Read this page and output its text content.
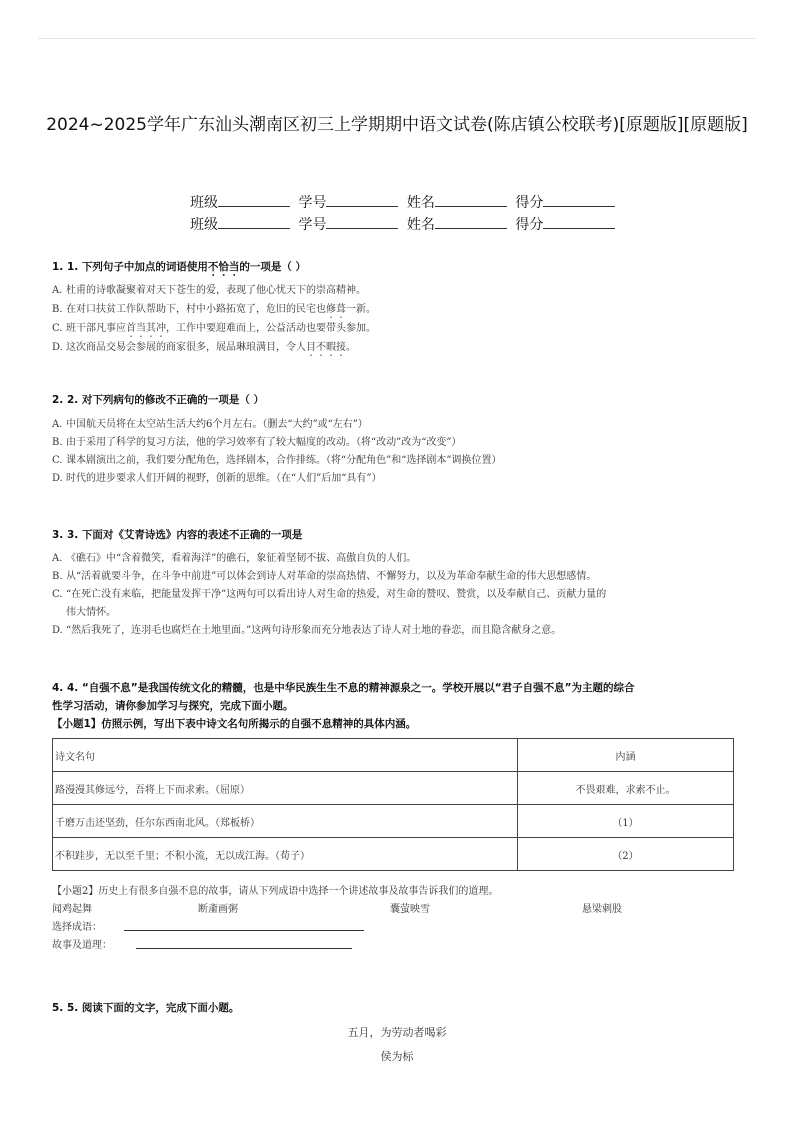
2024~2025学年广东汕头潮南区初三上学期期中语文试卷(陈店镇公校联考)[原题版][原题版]
班级	学号	姓名	得分
班级	学号	姓名	得分
1. 1. 下列句子中加点的词语使用不恰当的一项是（ ）
A. 杜甫的诗歌凝聚着对天下苍生的爱，表现了他心忧天下的崇高精神。
B. 在对口扶贫工作队帮助下，村中小路拓宽了，危旧的民宅也修葺一新。
C. 班干部凡事应首当其冲，工作中要迎难而上，公益活动也要带头参加。
D. 这次商品交易会参展的商家很多，展品琳琅满目，令人目不暇接。
2. 2. 对下列病句的修改不正确的一项是（ ）
A. 中国航天员将在太空站生活大约6个月左右。（删去“大约”或“左右”）
B. 由于采用了科学的复习方法，他的学习效率有了较大幅度的改动。（将“改动”改为“改变”）
C. 课本剧演出之前，我们要分配角色，选择剧本，合作排练。（将“分配角色”和“选择剧本”调换位置）
D. 时代的进步要求人们开阔的视野，创新的思维。（在“人们”后加“具有”）
3. 3. 下面对《艾青诗选》内容的表述不正确的一项是
A. 《礁石》中“含着微笑，看着海洋”的礁石，象征着坚韧不拔、高傲自负的人们。
B. 从“活着就要斗争，在斗争中前进”可以体会到诗人对革命的崇高热情、不懈努力，以及为革命奉献生命的伟大思想感情。
C. “在死亡没有来临，把能量发挥干净”这两句可以看出诗人对生命的热爱，对生命的赞叹、赞赏，以及奉献自己、贡献力量的
伟大情怀。
D. “然后我死了，连羽毛也腐烂在土地里面。”这两句诗形象而充分地表达了诗人对土地的眷恋，而且隐含献身之意。
4. 4. “自强不息”是我国传统文化的精髓，也是中华民族生生不息的精神源泉之一。学校开展以“君子自强不息”为主题的综合
性学习活动，请你参加学习与探究，完成下面小题。
【小题1】仿照示例，写出下表中诗文名句所揭示的自强不息精神的具体内涵。
诗文名句	内涵
路漫漫其修远兮，吾将上下而求索。（屈原）	不畏艰难，求索不止。
千磨万击还坚劲，任尔东西南北风。（郑板桥）	（1）
不积跬步，无以至千里；不积小流，无以成江海。（荀子）	（2）
【小题2】历史上有很多自强不息的故事，请从下列成语中选择一个讲述故事及故事告诉我们的道理。
闻鸡起舞	断齑画粥	囊萤映雪	悬梁刺股
选择成语：
故事及道理：
5. 5. 阅读下面的文字，完成下面小题。
五月，为劳动者喝彩
侯为标
